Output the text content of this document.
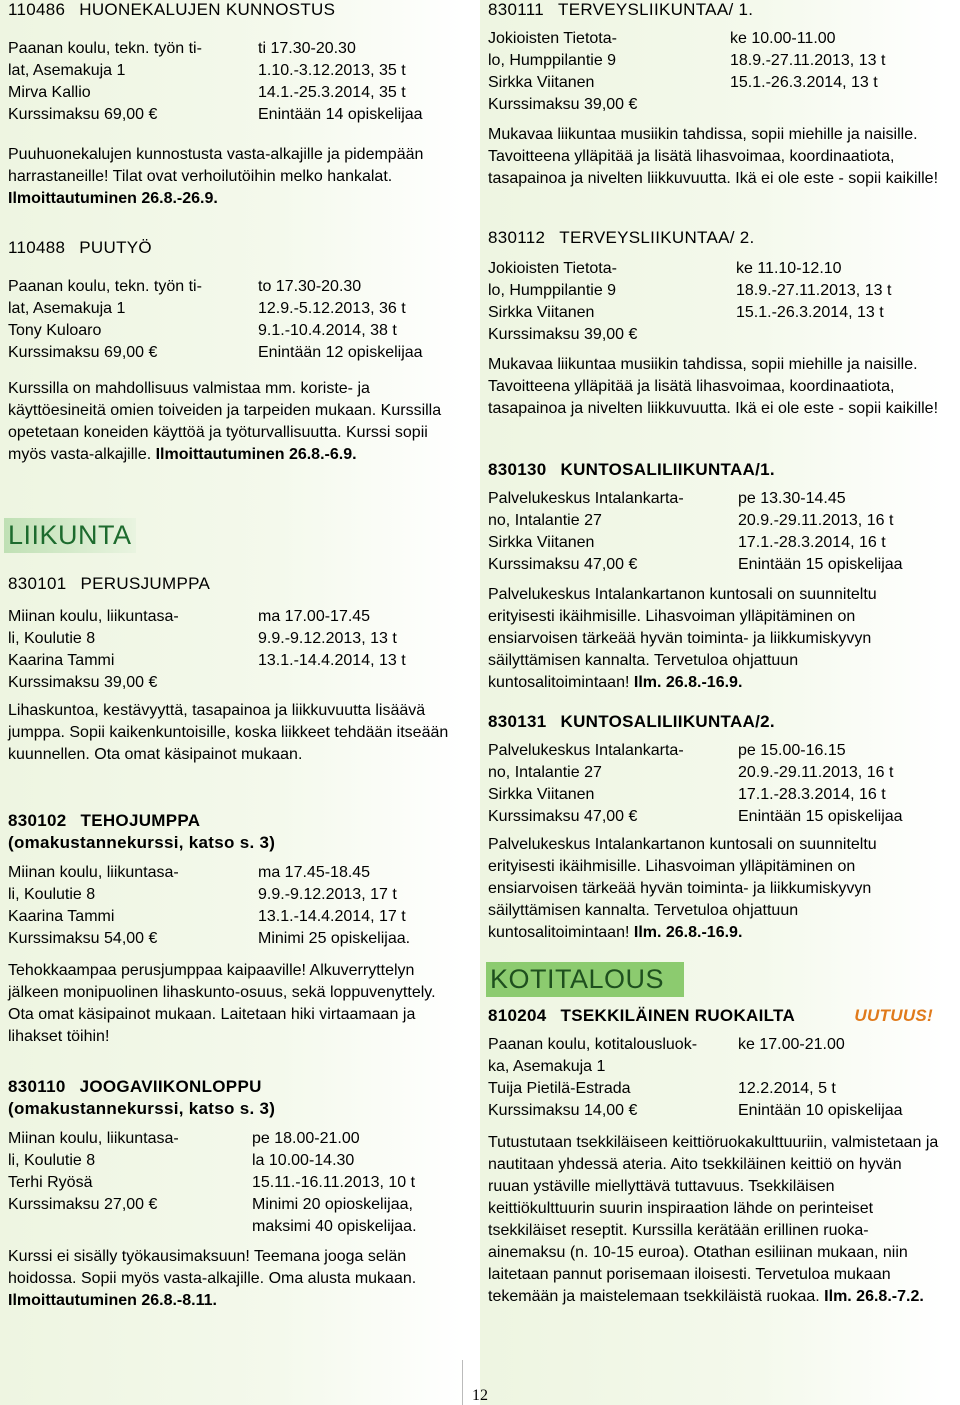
110486 HUONEKALUJEN KUNNOSTUS
Paanan koulu, tekn. työn ti-	ti 17.30-20.30
lat, Asemakuja 1	1.10.-3.12.2013, 35 t
Mirva Kallio	14.1.-25.3.2014, 35 t
Kurssimaksu 69,00 €	Enintään 14 opiskelijaa
Puuhuonekalujen kunnostusta vasta-alkajille ja pidempään harrastaneille! Tilat ovat verhoilutöihin melko hankalat. Ilmoittautuminen 26.8.-26.9.
110488 PUUTYÖ
Paanan koulu, tekn. työn ti-	to 17.30-20.30
lat, Asemakuja 1	12.9.-5.12.2013, 36 t
Tony Kuloaro	9.1.-10.4.2014, 38 t
Kurssimaksu 69,00 €	Enintään 12 opiskelijaa
Kurssilla on mahdollisuus valmistaa mm. koriste- ja käyttöesineitä omien toiveiden ja tarpeiden mukaan. Kurssilla opetetaan koneiden käyttöä ja työturvallisuutta. Kurssi sopii myös vasta-alkajille. Ilmoittautuminen 26.8.-6.9.
LIIKUNTA
830101 PERUSJUMPPA
Miinan koulu, liikuntasa-	ma 17.00-17.45
li, Koulutie 8	9.9.-9.12.2013, 13 t
Kaarina Tammi	13.1.-14.4.2014, 13 t
Kurssimaksu 39,00 €
Lihaskuntoa, kestävyyttä, tasapainoa ja liikkuvuutta lisäävä jumppa. Sopii kaikenkuntoisille, koska liikkeet tehdään itseään kuunnellen. Ota omat käsipainot mukaan.
830102 TEHOJUMPPA
(omakustannekurssi, katso s. 3)
Miinan koulu, liikuntasa-	ma 17.45-18.45
li, Koulutie 8	9.9.-9.12.2013, 17 t
Kaarina Tammi	13.1.-14.4.2014, 17 t
Kurssimaksu 54,00 €	Minimi 25 opiskelijaa.
Tehokkaampaa perusjumppaa kaipaaville! Alkuverryttelyn jälkeen monipuolinen lihaskunto-osuus, sekä loppuvenyttely. Ota omat käsipainot mukaan. Laitetaan hiki virtaamaan ja lihakset töihin!
830110 JOOGAVIIKONLOPPU
(omakustannekurssi, katso s. 3)
Miinan koulu, liikuntasa-	pe 18.00-21.00
li, Koulutie 8	la 10.00-14.30
Terhi Ryösä	15.11.-16.11.2013, 10 t
Kurssimaksu 27,00 €	Minimi 20 opioskelijaa,
maksimi 40 opiskelijaa.
Kurssi ei sisälly työkausimaksuun! Teemana jooga selän hoidossa. Sopii myös vasta-alkajille. Oma alusta mukaan. Ilmoittautuminen 26.8.-8.11.
830111 TERVEYSLIIKUNTAA/ 1.
Jokioisten Tietota-	ke 10.00-11.00
lo, Humppilantie 9	18.9.-27.11.2013, 13 t
Sirkka Viitanen	15.1.-26.3.2014, 13 t
Kurssimaksu 39,00 €
Mukavaa liikuntaa musiikin tahdissa, sopii miehille ja naisille. Tavoitteena ylläpitää ja lisätä lihasvoimaa, koordinaatiota, tasapainoa ja nivelten liikkuvuutta. Ikä ei ole este - sopii kaikille!
830112 TERVEYSLIIKUNTAA/ 2.
Jokioisten Tietota-	ke 11.10-12.10
lo, Humppilantie 9	18.9.-27.11.2013, 13 t
Sirkka Viitanen	15.1.-26.3.2014, 13 t
Kurssimaksu 39,00 €
Mukavaa liikuntaa musiikin tahdissa, sopii miehille ja naisille. Tavoitteena ylläpitää ja lisätä lihasvoimaa, koordinaatiota, tasapainoa ja nivelten liikkuvuutta. Ikä ei ole este - sopii kaikille!
830130 KUNTOSALILIIKUNTAA/1.
Palvelukeskus Intalankarta-	pe 13.30-14.45
no, Intalantie 27	20.9.-29.11.2013, 16 t
Sirkka Viitanen	17.1.-28.3.2014, 16 t
Kurssimaksu 47,00 €	Enintään 15 opiskelijaa
Palvelukeskus Intalankartanon kuntosali on suunniteltu erityisesti ikäihmisille. Lihasvoiman ylläpitäminen on ensiarvoisen tärkeää hyvän toiminta- ja liikkumiskyvyn säilyttämisen kannalta. Tervetuloa ohjattuun kuntosalitoimintaan! Ilm. 26.8.-16.9.
830131 KUNTOSALILIIKUNTAA/2.
Palvelukeskus Intalankarta-	pe 15.00-16.15
no, Intalantie 27	20.9.-29.11.2013, 16 t
Sirkka Viitanen	17.1.-28.3.2014, 16 t
Kurssimaksu 47,00 €	Enintään 15 opiskelijaa
Palvelukeskus Intalankartanon kuntosali on suunniteltu erityisesti ikäihmisille. Lihasvoiman ylläpitäminen on ensiarvoisen tärkeää hyvän toiminta- ja liikkumiskyvyn säilyttämisen kannalta. Tervetuloa ohjattuun kuntosalitoimintaan! Ilm. 26.8.-16.9.
KOTITALOUS
810204 TSEKKILÄINEN RUOKAILTA	UUTUUS!
Paanan koulu, kotitalousluok-	ke 17.00-21.00
ka, Asemakuja 1
Tuija Pietilä-Estrada	12.2.2014, 5 t
Kurssimaksu 14,00 €	Enintään 10 opiskelijaa
Tutustutaan tsekkiläiseen keittiöruokakulttuuriin, valmistetaan ja nautitaan yhdessä ateria. Aito tsekkiläinen keittiö on hyvän ruuan ystäville miellyttävä tuttavuus. Tsekkiläisen keittiökulttuurin suurin inspiraation lähde on perinteiset tsekkiläiset reseptit. Kurssilla kerätään erillinen ruoka-ainemaksu (n. 10-15 euroa). Otathan esiliinan mukaan, niin laitetaan pannut porisemaan iloisesti. Tervetuloa mukaan tekemään ja maistelemaan tsekkiläistä ruokaa. Ilm. 26.8.-7.2.
12
